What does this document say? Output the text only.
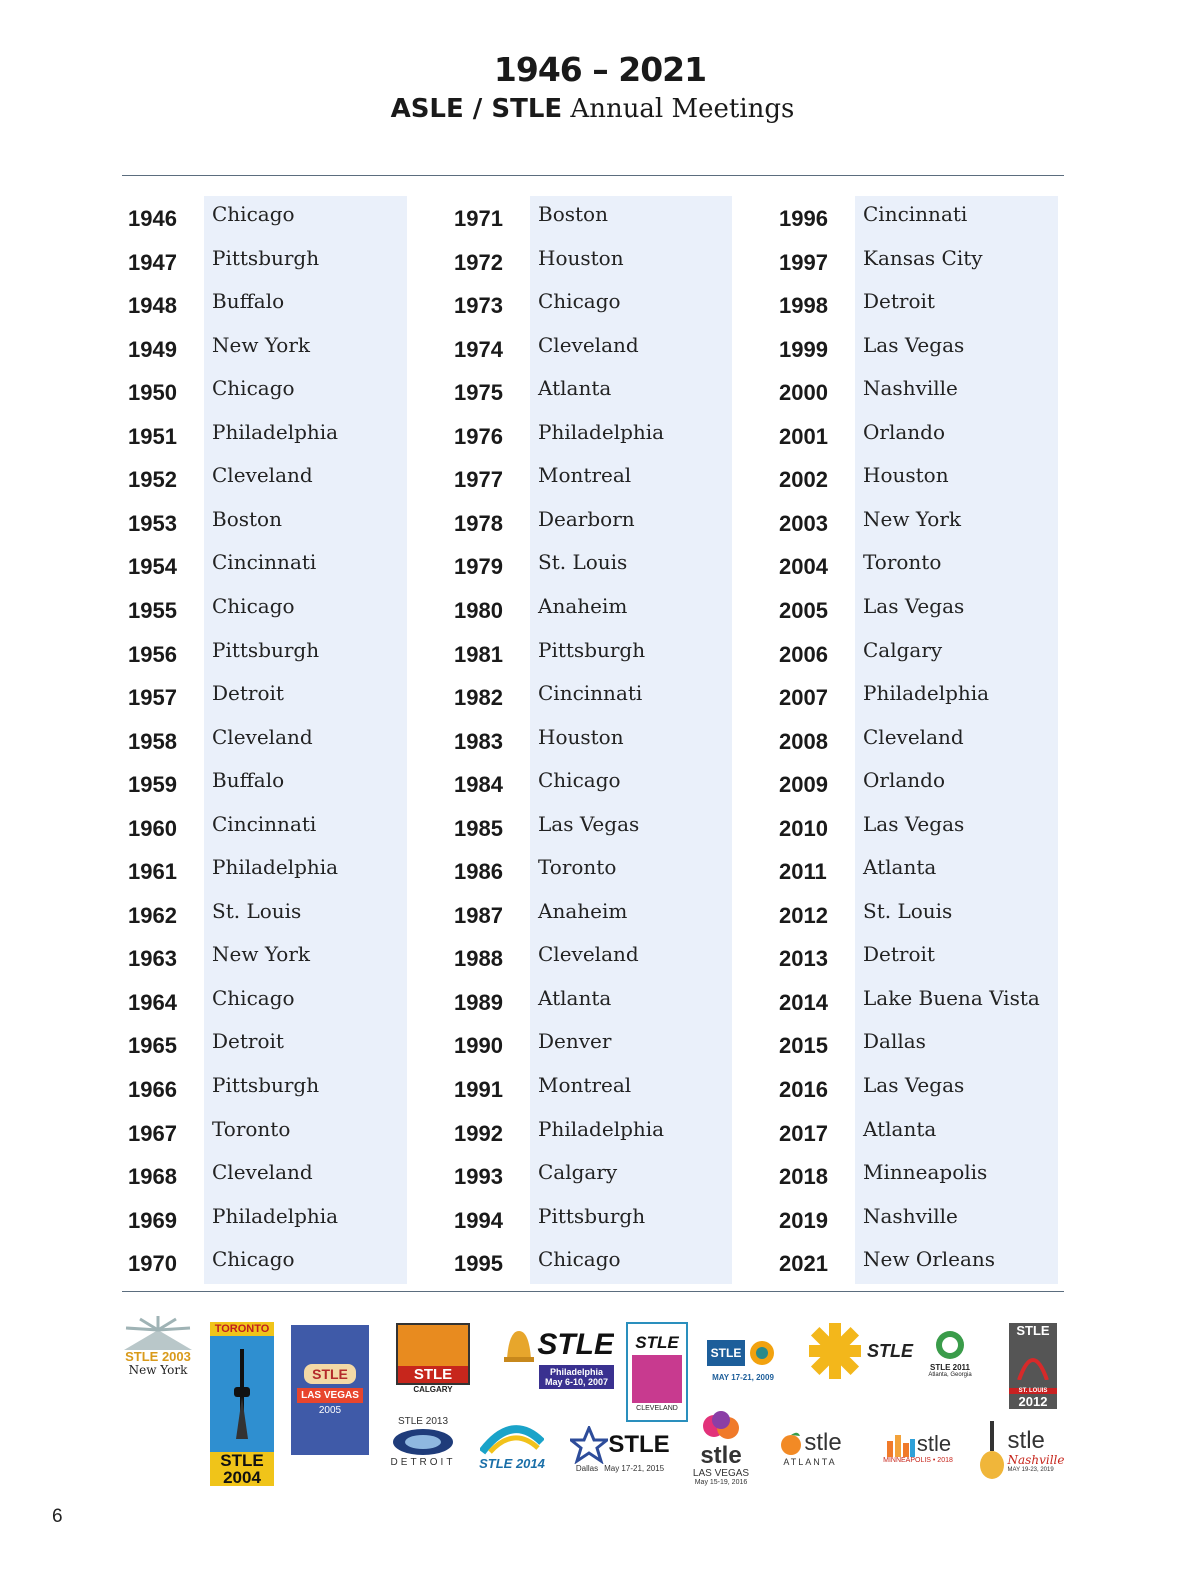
1946 – 2021
ASLE / STLE Annual Meetings
1946 Chicago
1947 Pittsburgh
1948 Buffalo
1949 New York
1950 Chicago
1951 Philadelphia
1952 Cleveland
1953 Boston
1954 Cincinnati
1955 Chicago
1956 Pittsburgh
1957 Detroit
1958 Cleveland
1959 Buffalo
1960 Cincinnati
1961 Philadelphia
1962 St. Louis
1963 New York
1964 Chicago
1965 Detroit
1966 Pittsburgh
1967 Toronto
1968 Cleveland
1969 Philadelphia
1970 Chicago
1971 Boston
1972 Houston
1973 Chicago
1974 Cleveland
1975 Atlanta
1976 Philadelphia
1977 Montreal
1978 Dearborn
1979 St. Louis
1980 Anaheim
1981 Pittsburgh
1982 Cincinnati
1983 Houston
1984 Chicago
1985 Las Vegas
1986 Toronto
1987 Anaheim
1988 Cleveland
1989 Atlanta
1990 Denver
1991 Montreal
1992 Philadelphia
1993 Calgary
1994 Pittsburgh
1995 Chicago
1996 Cincinnati
1997 Kansas City
1998 Detroit
1999 Las Vegas
2000 Nashville
2001 Orlando
2002 Houston
2003 New York
2004 Toronto
2005 Las Vegas
2006 Calgary
2007 Philadelphia
2008 Cleveland
2009 Orlando
2010 Las Vegas
2011 Atlanta
2012 St. Louis
2013 Detroit
2014 Lake Buena Vista
2015 Dallas
2016 Las Vegas
2017 Atlanta
2018 Minneapolis
2019 Nashville
2021 New Orleans
STLE 2003
New York
TORONTO
STLE
2004
STLE
LAS VEGAS
2005
STLE
CALGARY
STLE
Philadelphia
May 6-10, 2007
STLE
CLEVELAND
STLE
MAY 17-21, 2009
STLE
STLE 2011
Atlanta, Georgia
STLE
ST. LOUIS
2012
STLE 2013
DETROIT STLE 2014
STLE
Dallas May 17-21, 2015 stle
LAS VEGAS
May 15-19, 2016
stle
ATLANTA
stle
MINNEAPOLIS • 2018
stle
Nashville
MAY 19-23, 2019
6
